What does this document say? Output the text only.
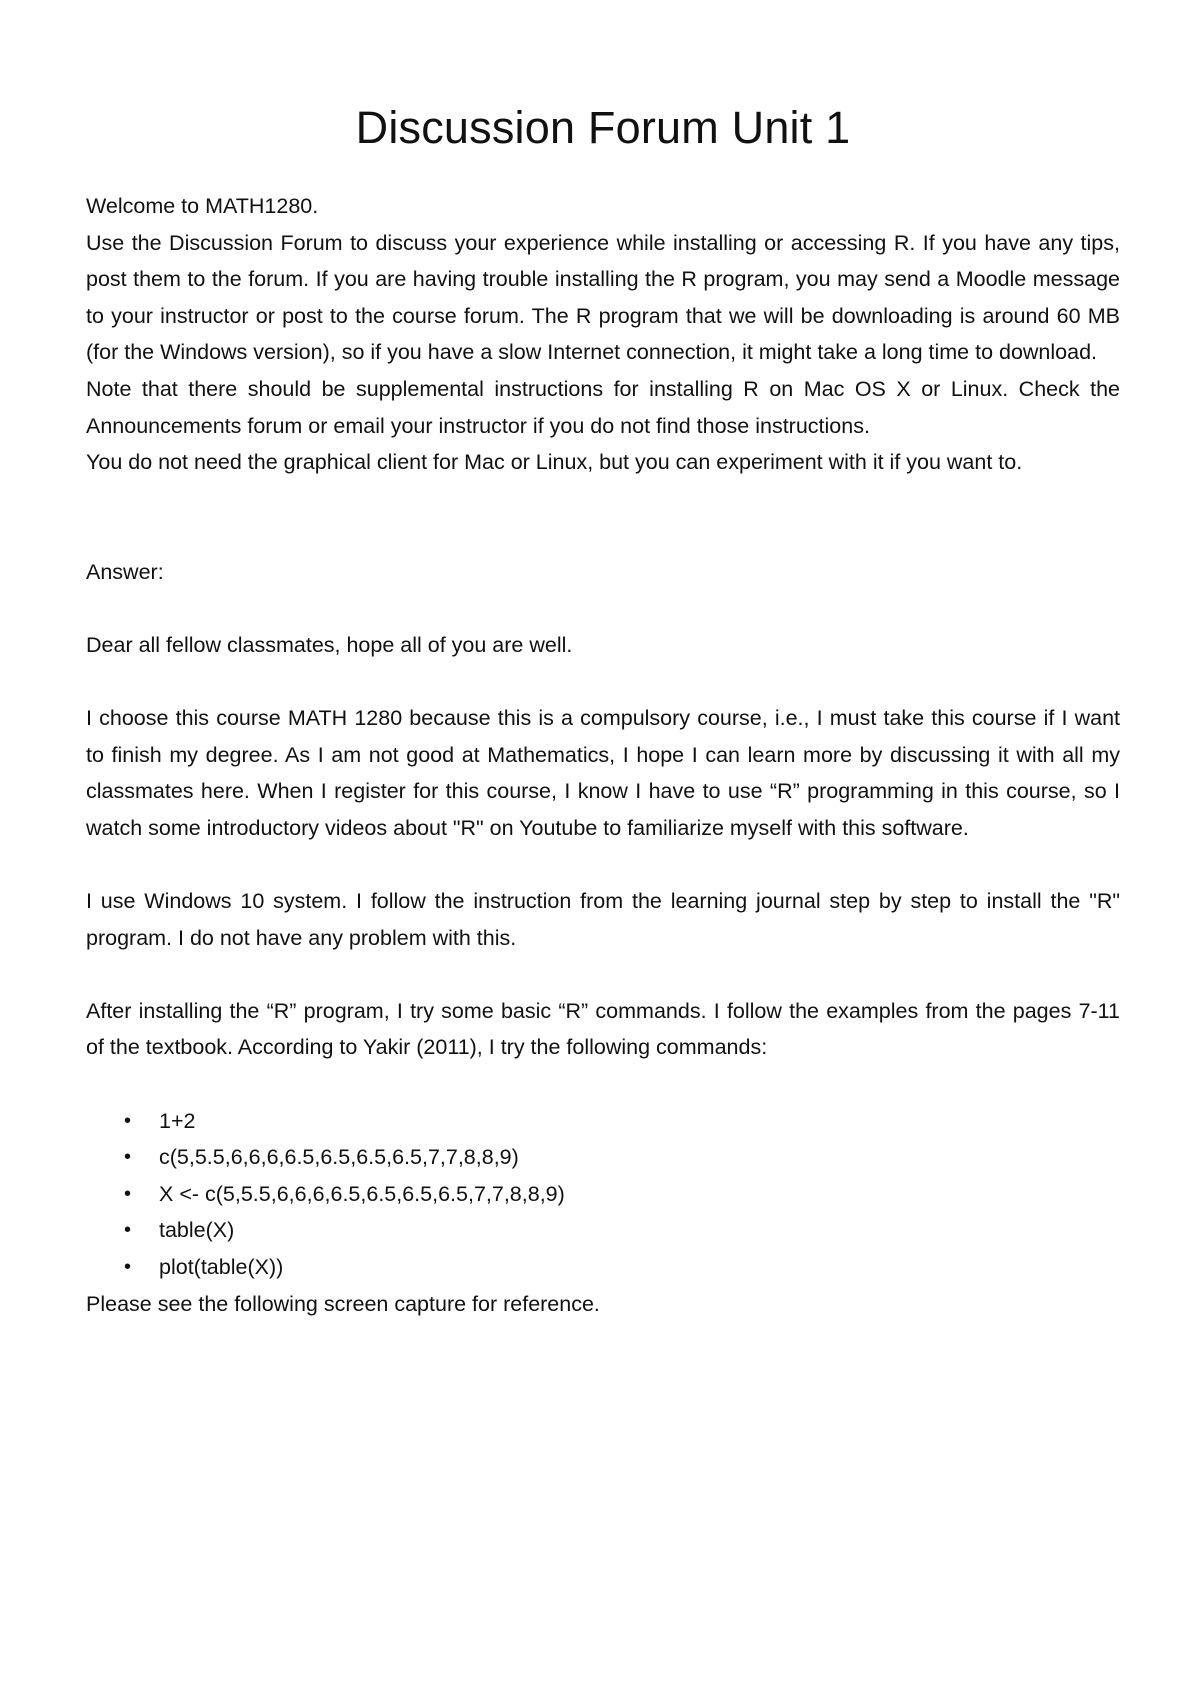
Discussion Forum Unit 1

Welcome to MATH1280.

Use the Discussion Forum to discuss your experience while installing or accessing R. If you have any tips, post them to the forum. If you are having trouble installing the R program, you may send a Moodle message to your instructor or post to the course forum. The R program that we will be downloading is around 60 MB (for the Windows version), so if you have a slow Internet connection, it might take a long time to download.

Note that there should be supplemental instructions for installing R on Mac OS X or Linux. Check the Announcements forum or email your instructor if you do not find those instructions.

You do not need the graphical client for Mac or Linux, but you can experiment with it if you want to.

Answer:

Dear all fellow classmates, hope all of you are well.

I choose this course MATH 1280 because this is a compulsory course, i.e., I must take this course if I want to finish my degree. As I am not good at Mathematics, I hope I can learn more by discussing it with all my classmates here. When I register for this course, I know I have to use “R” programming in this course, so I watch some introductory videos about "R" on Youtube to familiarize myself with this software.

I use Windows 10 system. I follow the instruction from the learning journal step by step to install the "R" program. I do not have any problem with this.

After installing the “R” program, I try some basic “R” commands. I follow the examples from the pages 7-11 of the textbook. According to Yakir (2011), I try the following commands:

• 1+2
• c(5,5.5,6,6,6,6.5,6.5,6.5,6.5,7,7,8,8,9)
• X <- c(5,5.5,6,6,6,6.5,6.5,6.5,6.5,7,7,8,8,9)
• table(X)
• plot(table(X))

Please see the following screen capture for reference.
